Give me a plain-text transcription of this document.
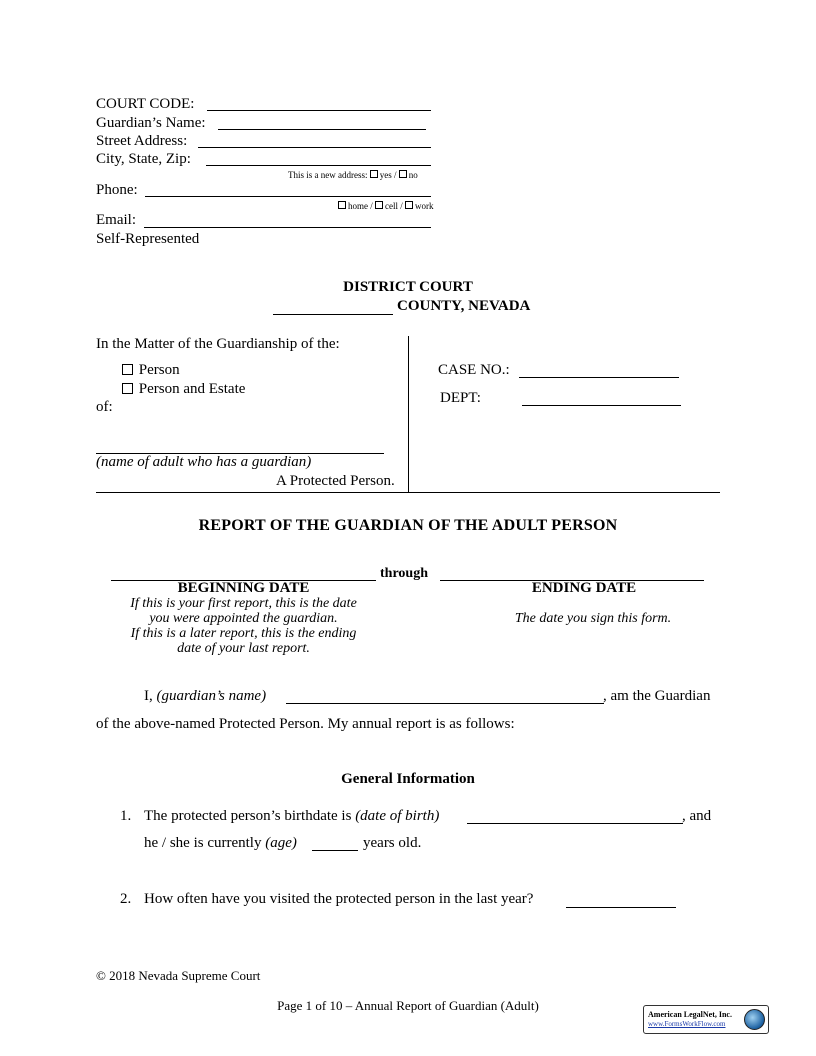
COURT CODE:
Guardian’s Name:
Street Address:
City, State, Zip:
This is a new address: yes / no
Phone:
home / cell / work
Email:
Self-Represented
DISTRICT COURT
COUNTY, NEVADA
In the Matter of the Guardianship of the:
Person
Person and Estate
of:
(name of adult who has a guardian)
A Protected Person.
CASE NO.:
DEPT:
REPORT OF THE GUARDIAN OF THE ADULT PERSON
through
BEGINNING DATE
If this is your first report, this is the date
you were appointed the guardian.
If this is a later report, this is the ending
date of your last report.
ENDING DATE
The date you sign this form.
I, (guardian’s name)	, am the Guardian
of the above-named Protected Person. My annual report is as follows:
General Information
1. The protected person’s birthdate is (date of birth)	, and
he / she is currently (age)	years old.
2. How often have you visited the protected person in the last year?
© 2018 Nevada Supreme Court
Page 1 of 10 – Annual Report of Guardian (Adult)
American LegalNet, Inc.
www.FormsWorkFlow.com
